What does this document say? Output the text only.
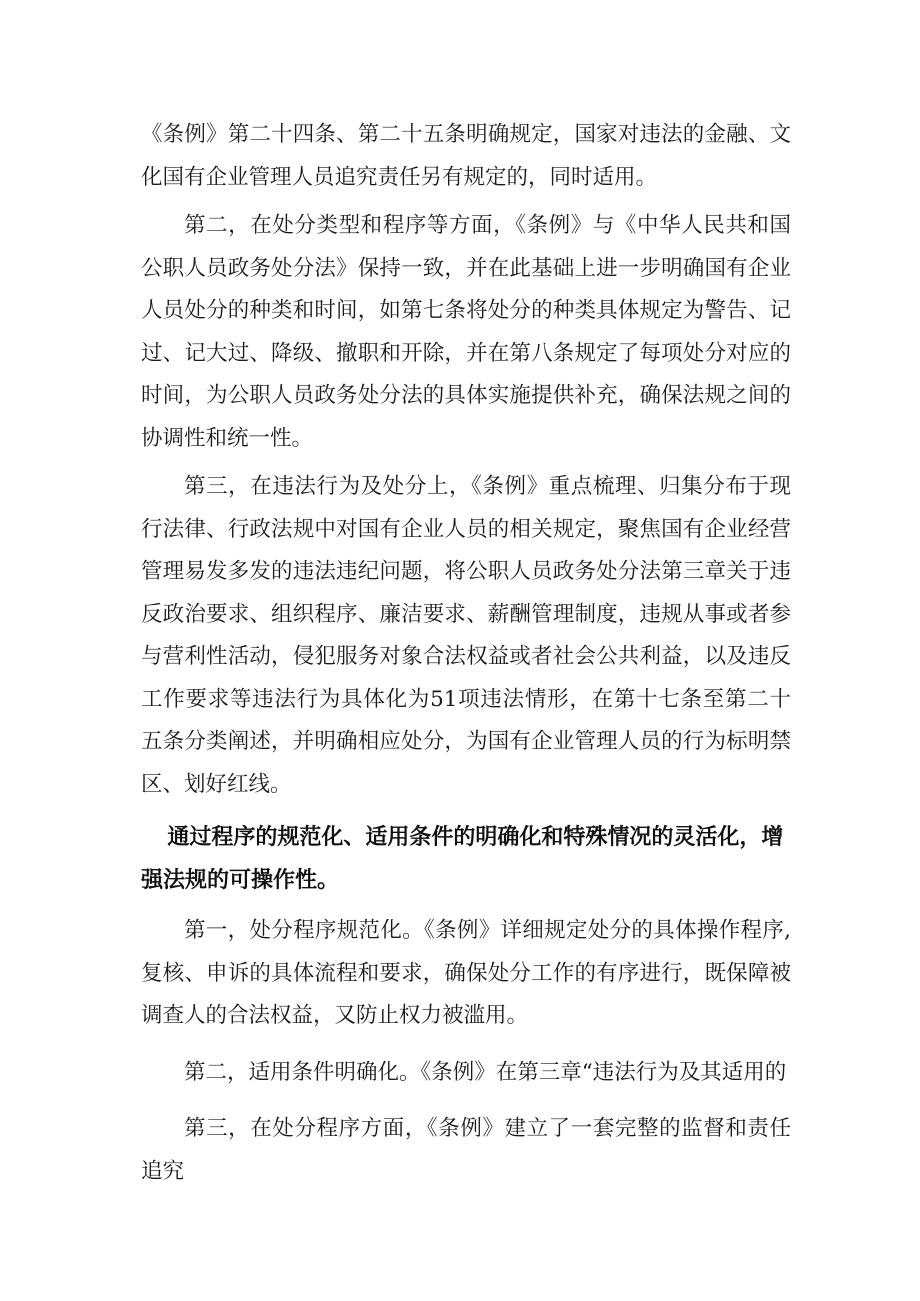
《条例》第二十四条、第二十五条明确规定，国家对违法的金融、文化国有企业管理人员追究责任另有规定的，同时适用。

第二，在处分类型和程序等方面，《条例》与《中华人民共和国公职人员政务处分法》保持一致，并在此基础上进一步明确国有企业人员处分的种类和时间，如第七条将处分的种类具体规定为警告、记过、记大过、降级、撤职和开除，并在第八条规定了每项处分对应的时间，为公职人员政务处分法的具体实施提供补充，确保法规之间的协调性和统一性。

第三，在违法行为及处分上，《条例》重点梳理、归集分布于现行法律、行政法规中对国有企业人员的相关规定，聚焦国有企业经营管理易发多发的违法违纪问题，将公职人员政务处分法第三章关于违反政治要求、组织程序、廉洁要求、薪酬管理制度，违规从事或者参与营利性活动，侵犯服务对象合法权益或者社会公共利益，以及违反工作要求等违法行为具体化为51项违法情形，在第十七条至第二十五条分类阐述，并明确相应处分，为国有企业管理人员的行为标明禁区、划好红线。

通过程序的规范化、适用条件的明确化和特殊情况的灵活化，增强法规的可操作性。

第一，处分程序规范化。《条例》详细规定处分的具体操作程序,复核、申诉的具体流程和要求，确保处分工作的有序进行，既保障被调查人的合法权益，又防止权力被滥用。

第二，适用条件明确化。《条例》在第三章“违法行为及其适用的

第三，在处分程序方面，《条例》建立了一套完整的监督和责任追究
